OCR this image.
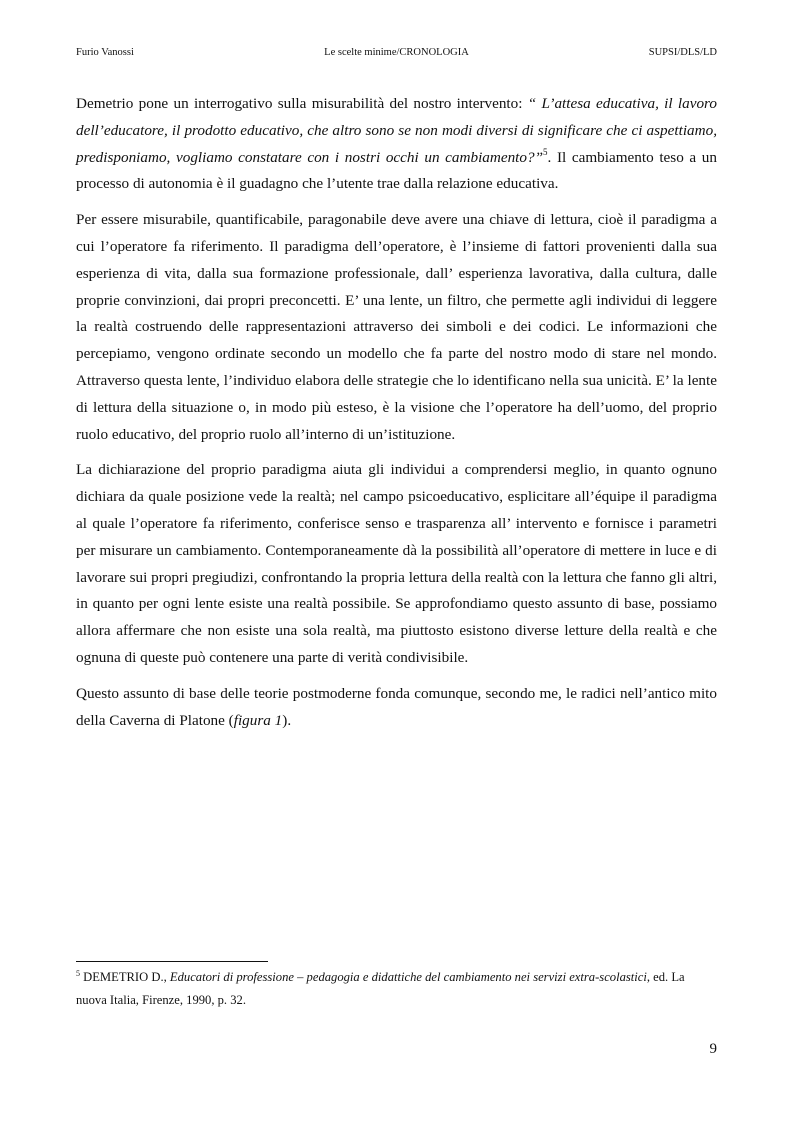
Furio Vanossi	Le scelte minime/CRONOLOGIA	SUPSI/DLS/LD

Demetrio pone un interrogativo sulla misurabilità del nostro intervento: “ L’attesa educativa, il lavoro dell’educatore, il prodotto educativo, che altro sono se non modi diversi di significare che ci aspettiamo, predisponiamo, vogliamo constatare con i nostri occhi un cambiamento?”$^5$. Il cambiamento teso a un processo di autonomia è il guadagno che l’utente trae dalla relazione educativa.

Per essere misurabile, quantificabile, paragonabile deve avere una chiave di lettura, cioè il paradigma a cui l’operatore fa riferimento. Il paradigma dell’operatore, è l’insieme di fattori provenienti dalla sua esperienza di vita, dalla sua formazione professionale, dall’ esperienza lavorativa, dalla cultura, dalle proprie convinzioni, dai propri preconcetti. E’ una lente, un filtro, che permette agli individui di leggere la realtà costruendo delle rappresentazioni attraverso dei simboli e dei codici. Le informazioni che percepiamo, vengono ordinate secondo un modello che fa parte del nostro modo di stare nel mondo. Attraverso questa lente, l’individuo elabora delle strategie che lo identificano nella sua unicità. E’ la lente di lettura della situazione o, in modo più esteso, è la visione che l’operatore ha dell’uomo, del proprio ruolo educativo, del proprio ruolo all’interno di un’istituzione.

La dichiarazione del proprio paradigma aiuta gli individui a comprendersi meglio, in quanto ognuno dichiara da quale posizione vede la realtà; nel campo psicoeducativo, esplicitare all’équipe il paradigma al quale l’operatore fa riferimento, conferisce senso e trasparenza all’ intervento e fornisce i parametri per misurare un cambiamento. Contemporaneamente dà la possibilità all’operatore di mettere in luce e di lavorare sui propri pregiudizi, confrontando la propria lettura della realtà con la lettura che fanno gli altri, in quanto per ogni lente esiste una realtà possibile. Se approfondiamo questo assunto di base, possiamo allora affermare che non esiste una sola realtà, ma piuttosto esistono diverse letture della realtà e che ognuna di queste può contenere una parte di verità condivisibile.

Questo assunto di base delle teorie postmoderne fonda comunque, secondo me, le radici nell’antico mito della Caverna di Platone (figura 1).

$^5$ DEMETRIO D., Educatori di professione – pedagogia e didattiche del cambiamento nei servizi extra-scolastici, ed. La nuova Italia, Firenze, 1990, p. 32.
9
